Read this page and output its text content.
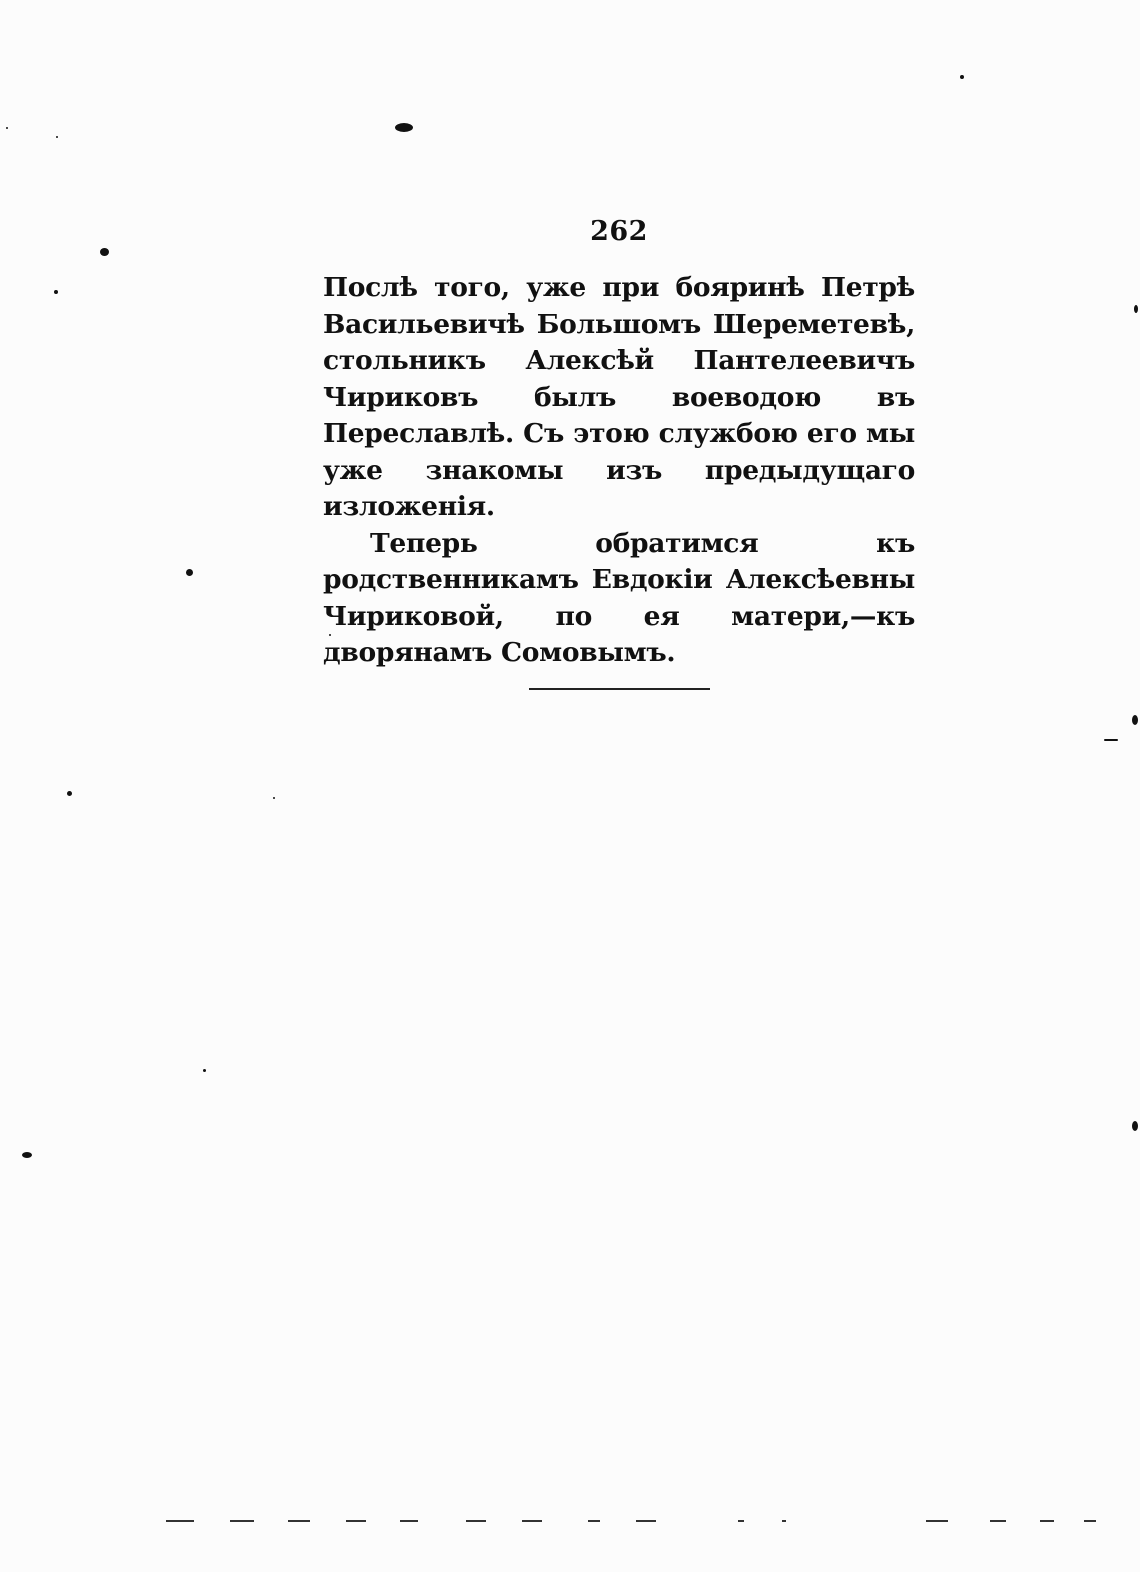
262

Послѣ того, уже при бояринѣ Петрѣ Васильевичѣ Большомъ Шереметевѣ, стольникъ Алексѣй Пантелеевичъ Чириковъ былъ воеводою въ Переславлѣ. Съ этою службою его мы уже знакомы изъ предыдущаго изложенія.

Теперь обратимся къ родственникамъ Евдокіи Алексѣевны Чириковой, по ея матери,—къ дворянамъ Сомовымъ.
